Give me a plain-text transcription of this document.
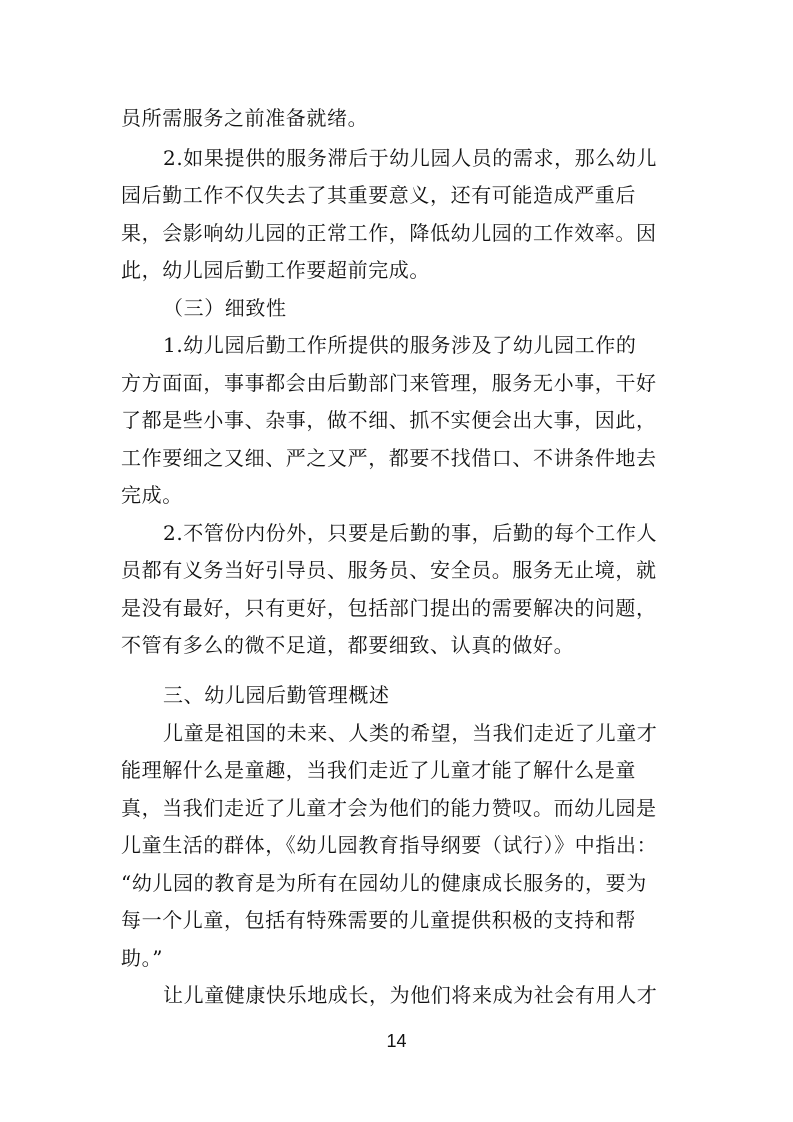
员所需服务之前准备就绪。
2.如果提供的服务滞后于幼儿园人员的需求，那么幼儿
园后勤工作不仅失去了其重要意义，还有可能造成严重后
果，会影响幼儿园的正常工作，降低幼儿园的工作效率。因
此，幼儿园后勤工作要超前完成。
（三）细致性
1.幼儿园后勤工作所提供的服务涉及了幼儿园工作的
方方面面，事事都会由后勤部门来管理，服务无小事，干好
了都是些小事、杂事，做不细、抓不实便会出大事，因此，
工作要细之又细、严之又严，都要不找借口、不讲条件地去
完成。
2.不管份内份外，只要是后勤的事，后勤的每个工作人
员都有义务当好引导员、服务员、安全员。服务无止境，就
是没有最好，只有更好，包括部门提出的需要解决的问题，
不管有多么的微不足道，都要细致、认真的做好。
三、幼儿园后勤管理概述
儿童是祖国的未来、人类的希望，当我们走近了儿童才
能理解什么是童趣，当我们走近了儿童才能了解什么是童
真，当我们走近了儿童才会为他们的能力赞叹。而幼儿园是
儿童生活的群体，《幼儿园教育指导纲要（试行）》中指出：
“幼儿园的教育是为所有在园幼儿的健康成长服务的，要为
每一个儿童，包括有特殊需要的儿童提供积极的支持和帮
助。”
让儿童健康快乐地成长，为他们将来成为社会有用人才
14
